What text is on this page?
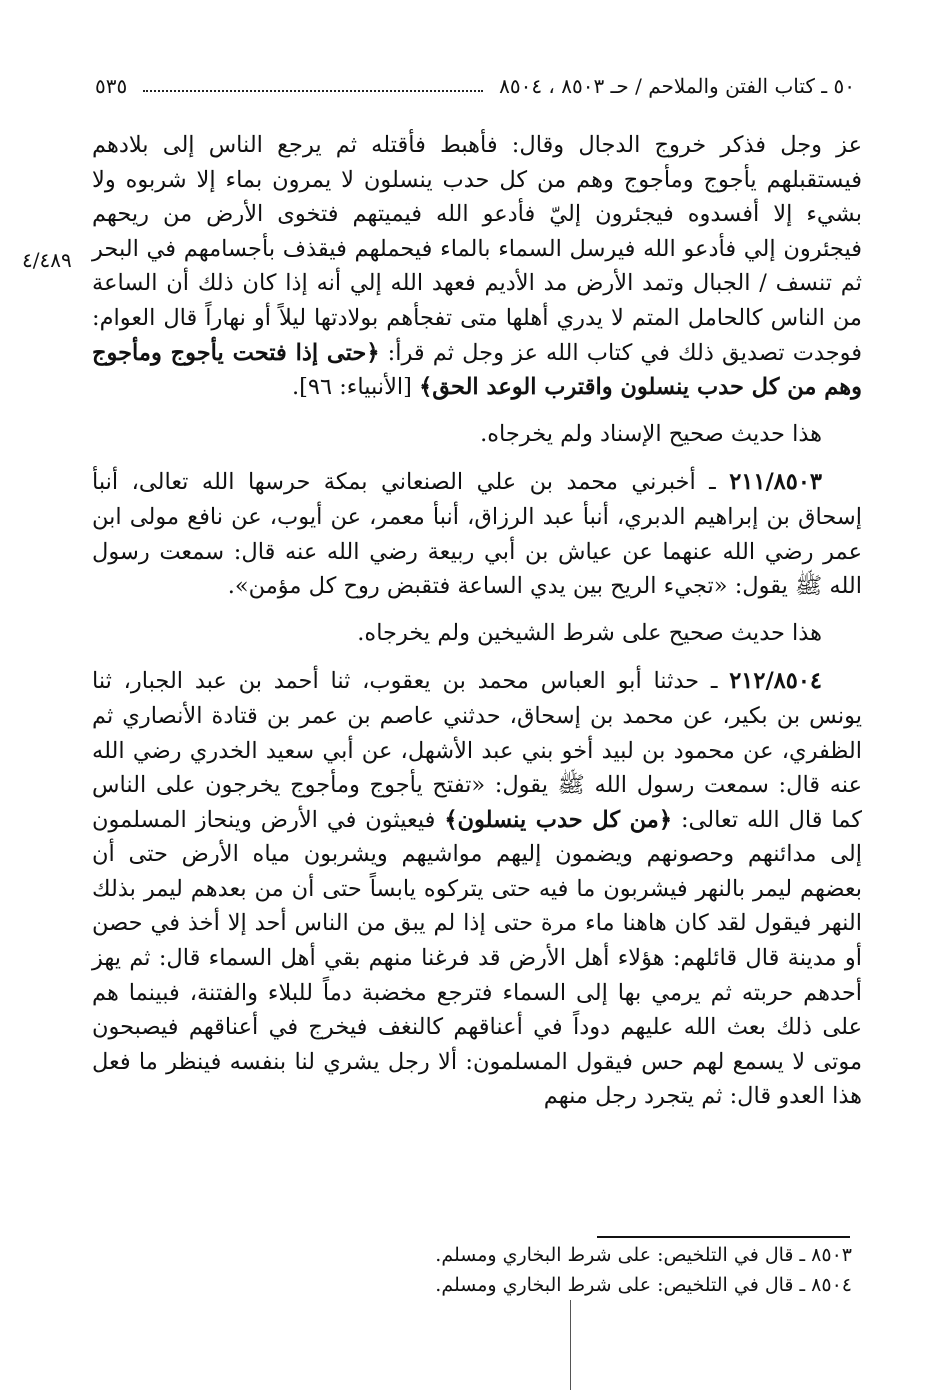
٥٠ ـ كتاب الفتن والملاحم / حـ ٨٥٠٣ ، ٨٥٠٤
٥٣٥
٤/٤٨٩

عز وجل فذكر خروج الدجال وقال: فأهبط فأقتله ثم يرجع الناس إلى بلادهم فيستقبلهم يأجوج ومأجوج وهم من كل حدب ينسلون لا يمرون بماء إلا شربوه ولا بشيء إلا أفسدوه فيجئرون إليّ فأدعو الله فيميتهم فتخوى الأرض من ريحهم فيجئرون إلي فأدعو الله فيرسل السماء بالماء فيحملهم فيقذف بأجسامهم في البحر ثم تنسف / الجبال وتمد الأرض مد الأديم فعهد الله إلي أنه إذا كان ذلك أن الساعة من الناس كالحامل المتم لا يدري أهلها متى تفجأهم بولادتها ليلاً أو نهاراً قال العوام: فوجدت تصديق ذلك في كتاب الله عز وجل ثم قرأ: ﴿حتى إذا فتحت يأجوج ومأجوج وهم من كل حدب ينسلون واقترب الوعد الحق﴾ [الأنبياء: ٩٦].

هذا حديث صحيح الإسناد ولم يخرجاه.

٢١١/٨٥٠٣ ـ أخبرني محمد بن علي الصنعاني بمكة حرسها الله تعالى، أنبأ إسحاق بن إبراهيم الدبري، أنبأ عبد الرزاق، أنبأ معمر، عن أيوب، عن نافع مولى ابن عمر رضي الله عنهما عن عياش بن أبي ربيعة رضي الله عنه قال: سمعت رسول الله ﷺ يقول: «تجيء الريح بين يدي الساعة فتقبض روح كل مؤمن».

هذا حديث صحيح على شرط الشيخين ولم يخرجاه.

٢١٢/٨٥٠٤ ـ حدثنا أبو العباس محمد بن يعقوب، ثنا أحمد بن عبد الجبار، ثنا يونس بن بكير، عن محمد بن إسحاق، حدثني عاصم بن عمر بن قتادة الأنصاري ثم الظفري، عن محمود بن لبيد أخو بني عبد الأشهل، عن أبي سعيد الخدري رضي الله عنه قال: سمعت رسول الله ﷺ يقول: «تفتح يأجوج ومأجوج يخرجون على الناس كما قال الله تعالى: ﴿من كل حدب ينسلون﴾ فيعيثون في الأرض وينحاز المسلمون إلى مدائنهم وحصونهم ويضمون إليهم مواشيهم ويشربون مياه الأرض حتى أن بعضهم ليمر بالنهر فيشربون ما فيه حتى يتركوه يابساً حتى أن من بعدهم ليمر بذلك النهر فيقول لقد كان هاهنا ماء مرة حتى إذا لم يبق من الناس أحد إلا أخذ في حصن أو مدينة قال قائلهم: هؤلاء أهل الأرض قد فرغنا منهم بقي أهل السماء قال: ثم يهز أحدهم حربته ثم يرمي بها إلى السماء فترجع مخضبة دماً للبلاء والفتنة، فبينما هم على ذلك بعث الله عليهم دوداً في أعناقهم كالنغف فيخرج في أعناقهم فيصبحون موتى لا يسمع لهم حس فيقول المسلمون: ألا رجل يشري لنا بنفسه فينظر ما فعل هذا العدو قال: ثم يتجرد رجل منهم

٨٥٠٣ ـ قال في التلخيص: على شرط البخاري ومسلم.

٨٥٠٤ ـ قال في التلخيص: على شرط البخاري ومسلم.
